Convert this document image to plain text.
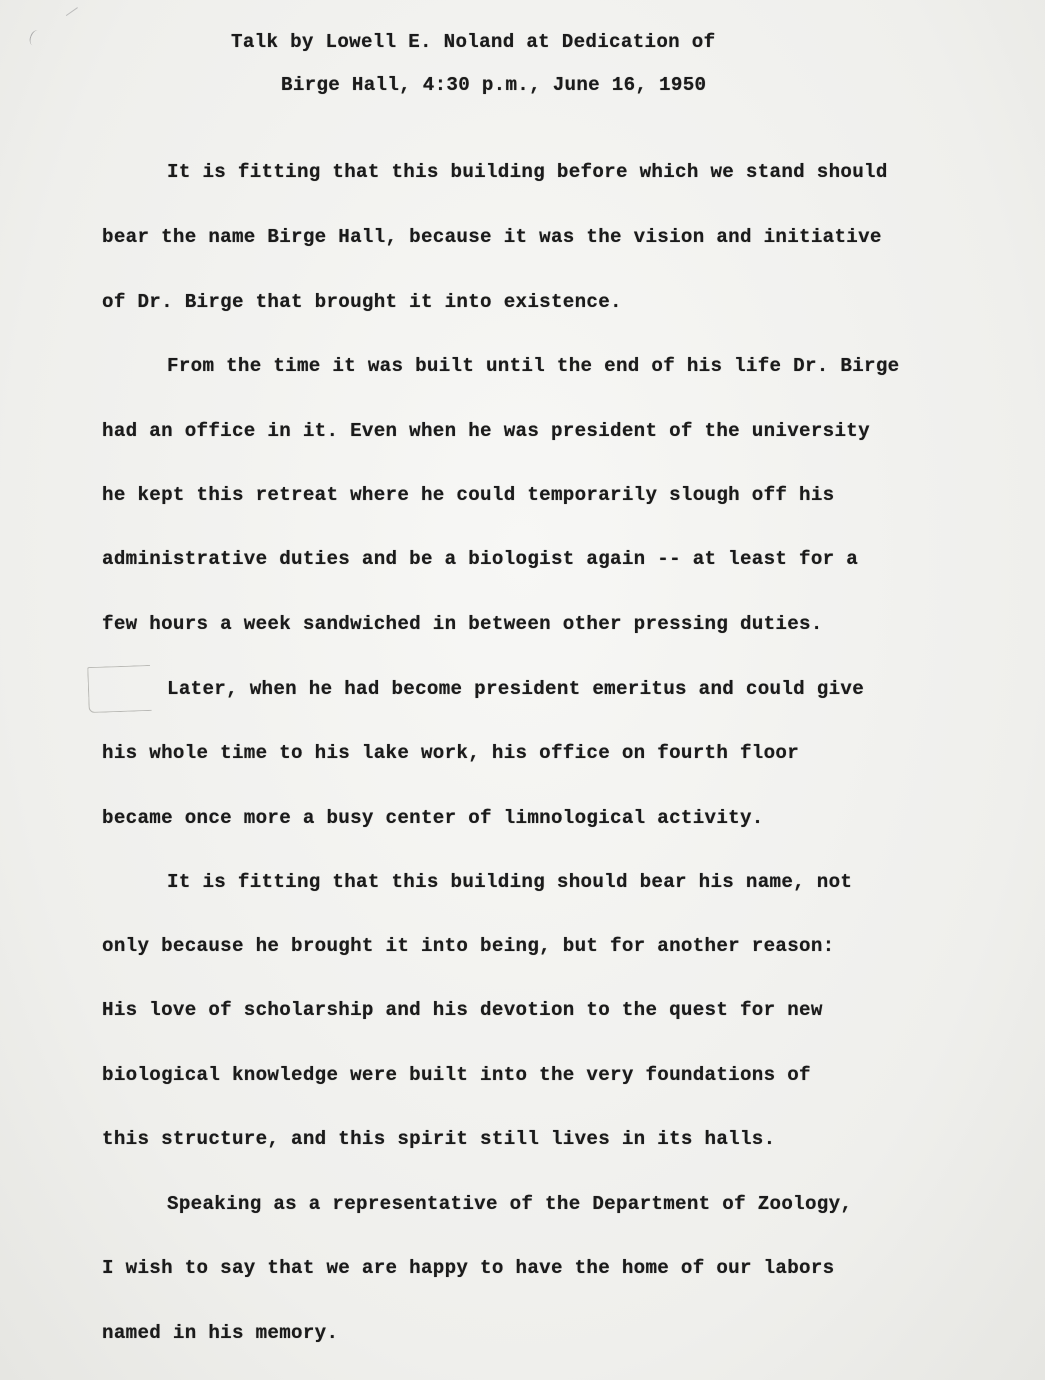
Talk by Lowell E. Noland at Dedication of
Birge Hall, 4:30 p.m., June 16, 1950
It is fitting that this building before which we stand should
bear the name Birge Hall, because it was the vision and initiative
of Dr. Birge that brought it into existence.
From the time it was built until the end of his life Dr. Birge
had an office in it. Even when he was president of the university
he kept this retreat where he could temporarily slough off his
administrative duties and be a biologist again -- at least for a
few hours a week sandwiched in between other pressing duties.
Later, when he had become president emeritus and could give
his whole time to his lake work, his office on fourth floor
became once more a busy center of limnological activity.
It is fitting that this building should bear his name, not
only because he brought it into being, but for another reason:
His love of scholarship and his devotion to the quest for new
biological knowledge were built into the very foundations of
this structure, and this spirit still lives in its halls.
Speaking as a representative of the Department of Zoology,
I wish to say that we are happy to have the home of our labors
named in his memory.
